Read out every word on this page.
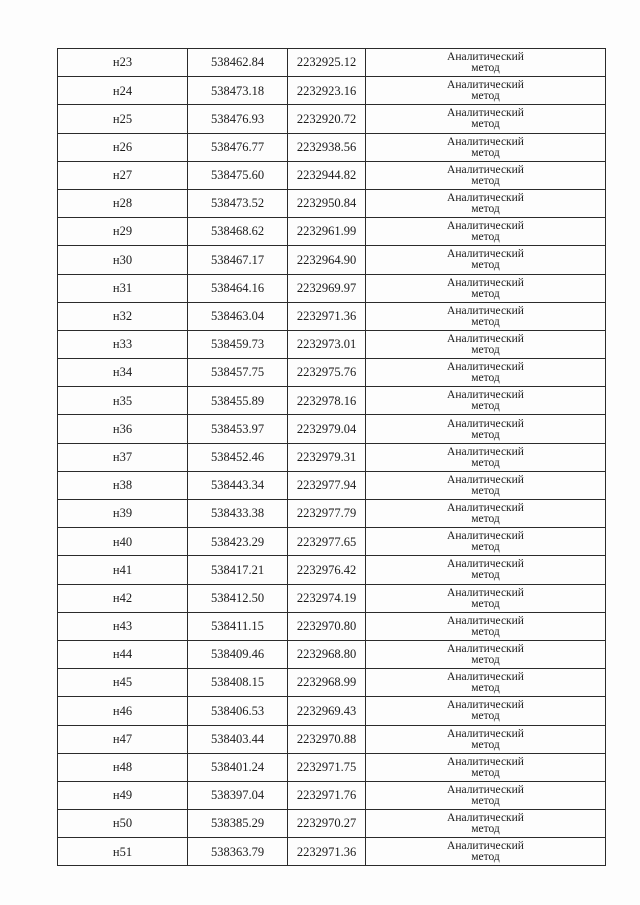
н23	538462.84	2232925.12	Аналитический
метод

н24	538473.18	2232923.16	Аналитический
метод

н25	538476.93	2232920.72	Аналитический
метод

н26	538476.77	2232938.56	Аналитический
метод

н27	538475.60	2232944.82	Аналитический
метод

н28	538473.52	2232950.84	Аналитический
метод

н29	538468.62	2232961.99	Аналитический
метод

н30	538467.17	2232964.90	Аналитический
метод

н31	538464.16	2232969.97	Аналитический
метод

н32	538463.04	2232971.36	Аналитический
метод

н33	538459.73	2232973.01	Аналитический
метод

н34	538457.75	2232975.76	Аналитический
метод

н35	538455.89	2232978.16	Аналитический
метод

н36	538453.97	2232979.04	Аналитический
метод

н37	538452.46	2232979.31	Аналитический
метод

н38	538443.34	2232977.94	Аналитический
метод

н39	538433.38	2232977.79	Аналитический
метод

н40	538423.29	2232977.65	Аналитический
метод

н41	538417.21	2232976.42	Аналитический
метод

н42	538412.50	2232974.19	Аналитический
метод

н43	538411.15	2232970.80	Аналитический
метод

н44	538409.46	2232968.80	Аналитический
метод

н45	538408.15	2232968.99	Аналитический
метод

н46	538406.53	2232969.43	Аналитический
метод

н47	538403.44	2232970.88	Аналитический
метод

н48	538401.24	2232971.75	Аналитический
метод

н49	538397.04	2232971.76	Аналитический
метод

н50	538385.29	2232970.27	Аналитический
метод

н51	538363.79	2232971.36	Аналитический
метод
